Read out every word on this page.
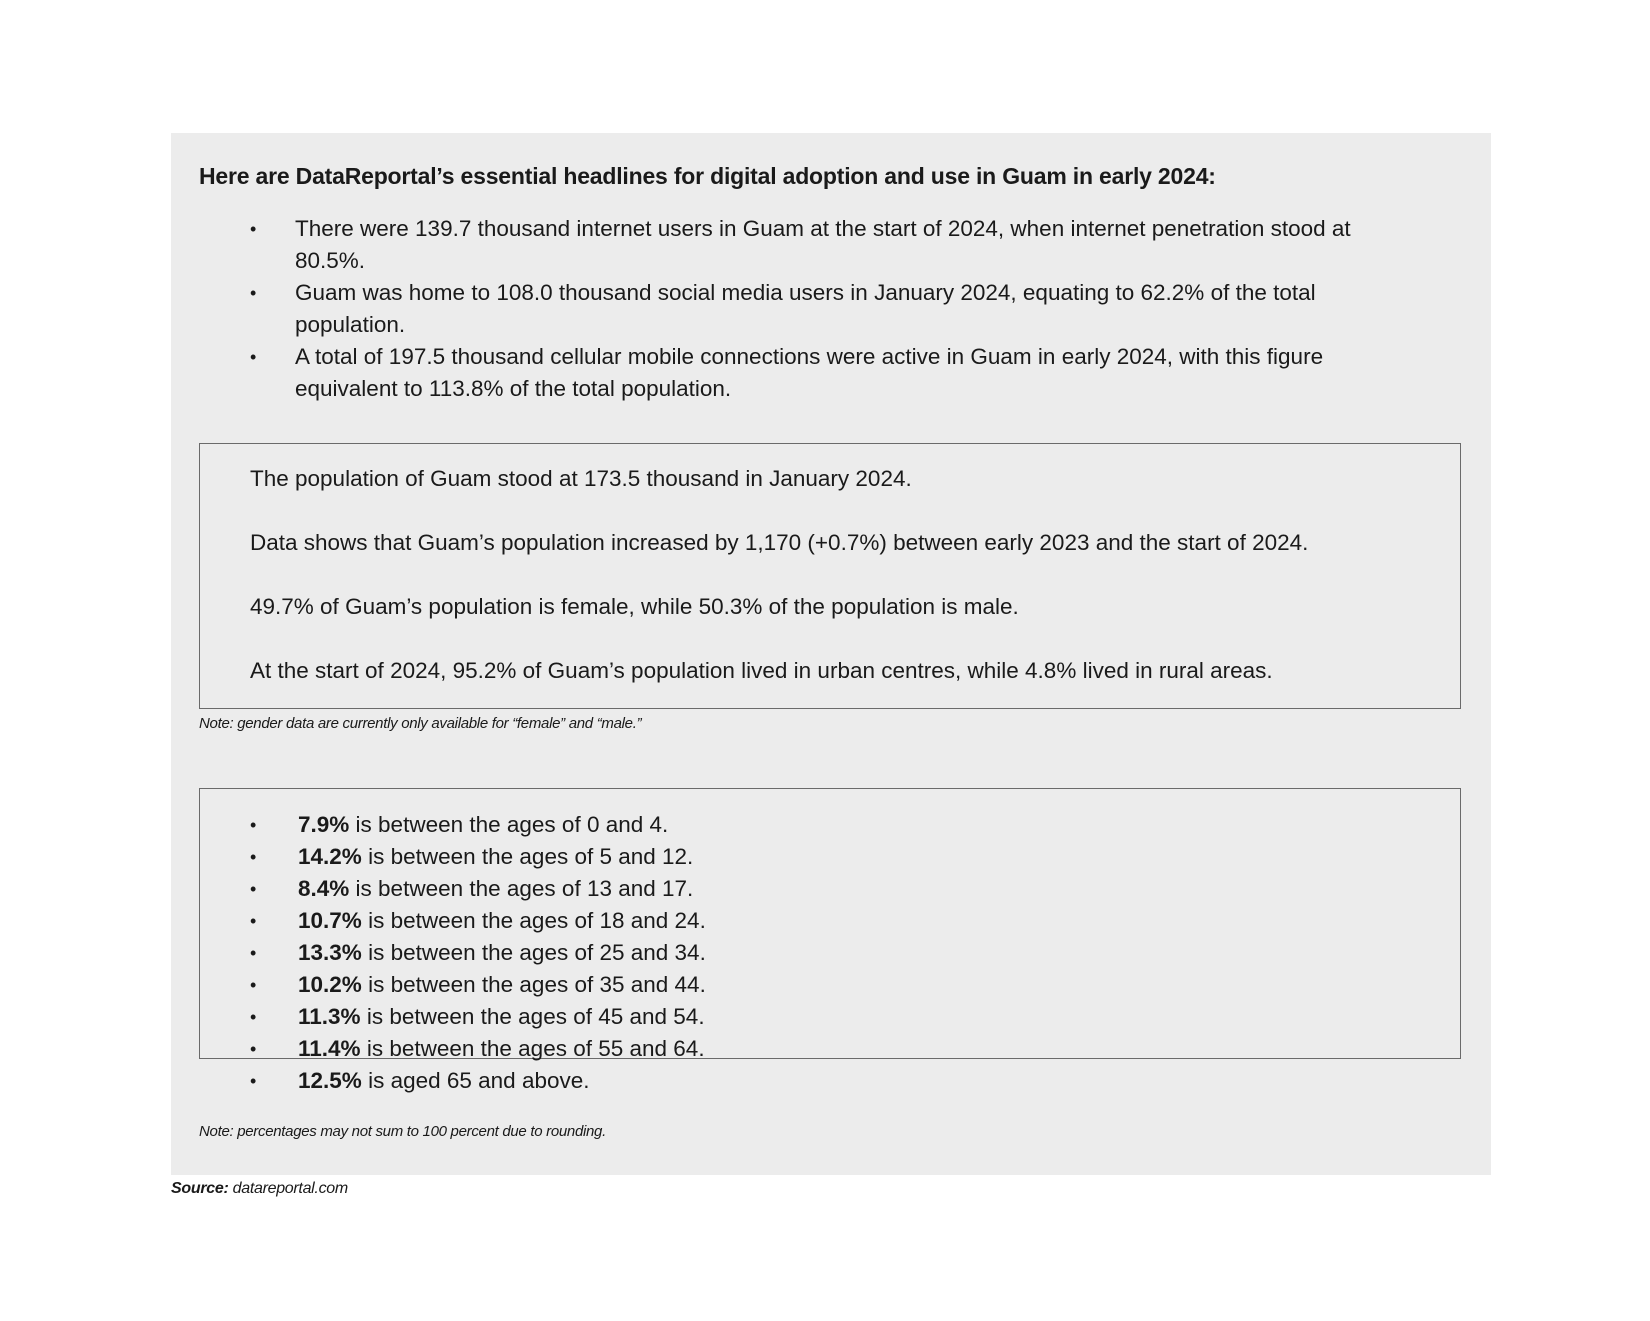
Here are DataReportal’s essential headlines for digital adoption and use in Guam in early 2024:
• There were 139.7 thousand internet users in Guam at the start of 2024, when internet penetration stood at 80.5%.
• Guam was home to 108.0 thousand social media users in January 2024, equating to 62.2% of the total population.
• A total of 197.5 thousand cellular mobile connections were active in Guam in early 2024, with this figure equivalent to 113.8% of the total population.

The population of Guam stood at 173.5 thousand in January 2024.

Data shows that Guam’s population increased by 1,170 (+0.7%) between early 2023 and the start of 2024.

49.7% of Guam’s population is female, while 50.3% of the population is male.

At the start of 2024, 95.2% of Guam’s population lived in urban centres, while 4.8% lived in rural areas.

Note: gender data are currently only available for “female” and “male.”

• 7.9% is between the ages of 0 and 4.
• 14.2% is between the ages of 5 and 12.
• 8.4% is between the ages of 13 and 17.
• 10.7% is between the ages of 18 and 24.
• 13.3% is between the ages of 25 and 34.
• 10.2% is between the ages of 35 and 44.
• 11.3% is between the ages of 45 and 54.
• 11.4% is between the ages of 55 and 64.
• 12.5% is aged 65 and above.

Note: percentages may not sum to 100 percent due to rounding.

Source: datareportal.com
